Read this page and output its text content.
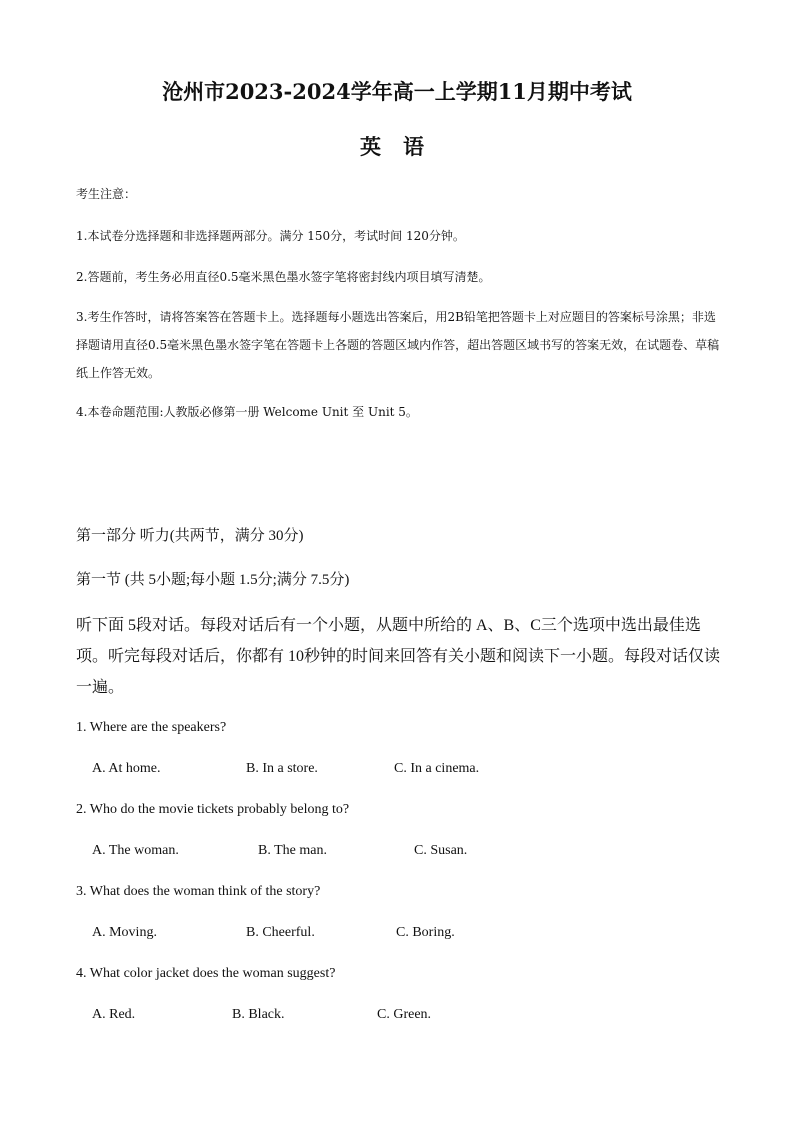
沧州市2023-2024学年高一上学期11月期中考试
英语
考生注意：
1.本试卷分选择题和非选择题两部分。满分 150分，考试时间 120分钟。
2.答题前，考生务必用直径0.5毫米黑色墨水签字笔将密封线内项目填写清楚。
3.考生作答时，请将答案答在答题卡上。选择题每小题选出答案后，用2B铅笔把答题卡上对应题目的答案标号涂黑；非选择题请用直径0.5毫米黑色墨水签字笔在答题卡上各题的答题区域内作答，超出答题区域书写的答案无效，在试题卷、草稿纸上作答无效。
4.本卷命题范围:人教版必修第一册 Welcome Unit 至 Unit 5。
第一部分 听力(共两节，满分 30分)
第一节 (共 5小题;每小题 1.5分;满分 7.5分)
听下面 5段对话。每段对话后有一个小题，从题中所给的 A、B、C三个选项中选出最佳选项。听完每段对话后，你都有 10秒钟的时间来回答有关小题和阅读下一小题。每段对话仅读一遍。
1. Where are the speakers?
A. At home.	B. In a store.	C. In a cinema.
2. Who do the movie tickets probably belong to?
A. The woman.	B. The man.	C. Susan.
3. What does the woman think of the story?
A. Moving.	B. Cheerful.	C. Boring.
4. What color jacket does the woman suggest?
A. Red.	B. Black.	C. Green.
